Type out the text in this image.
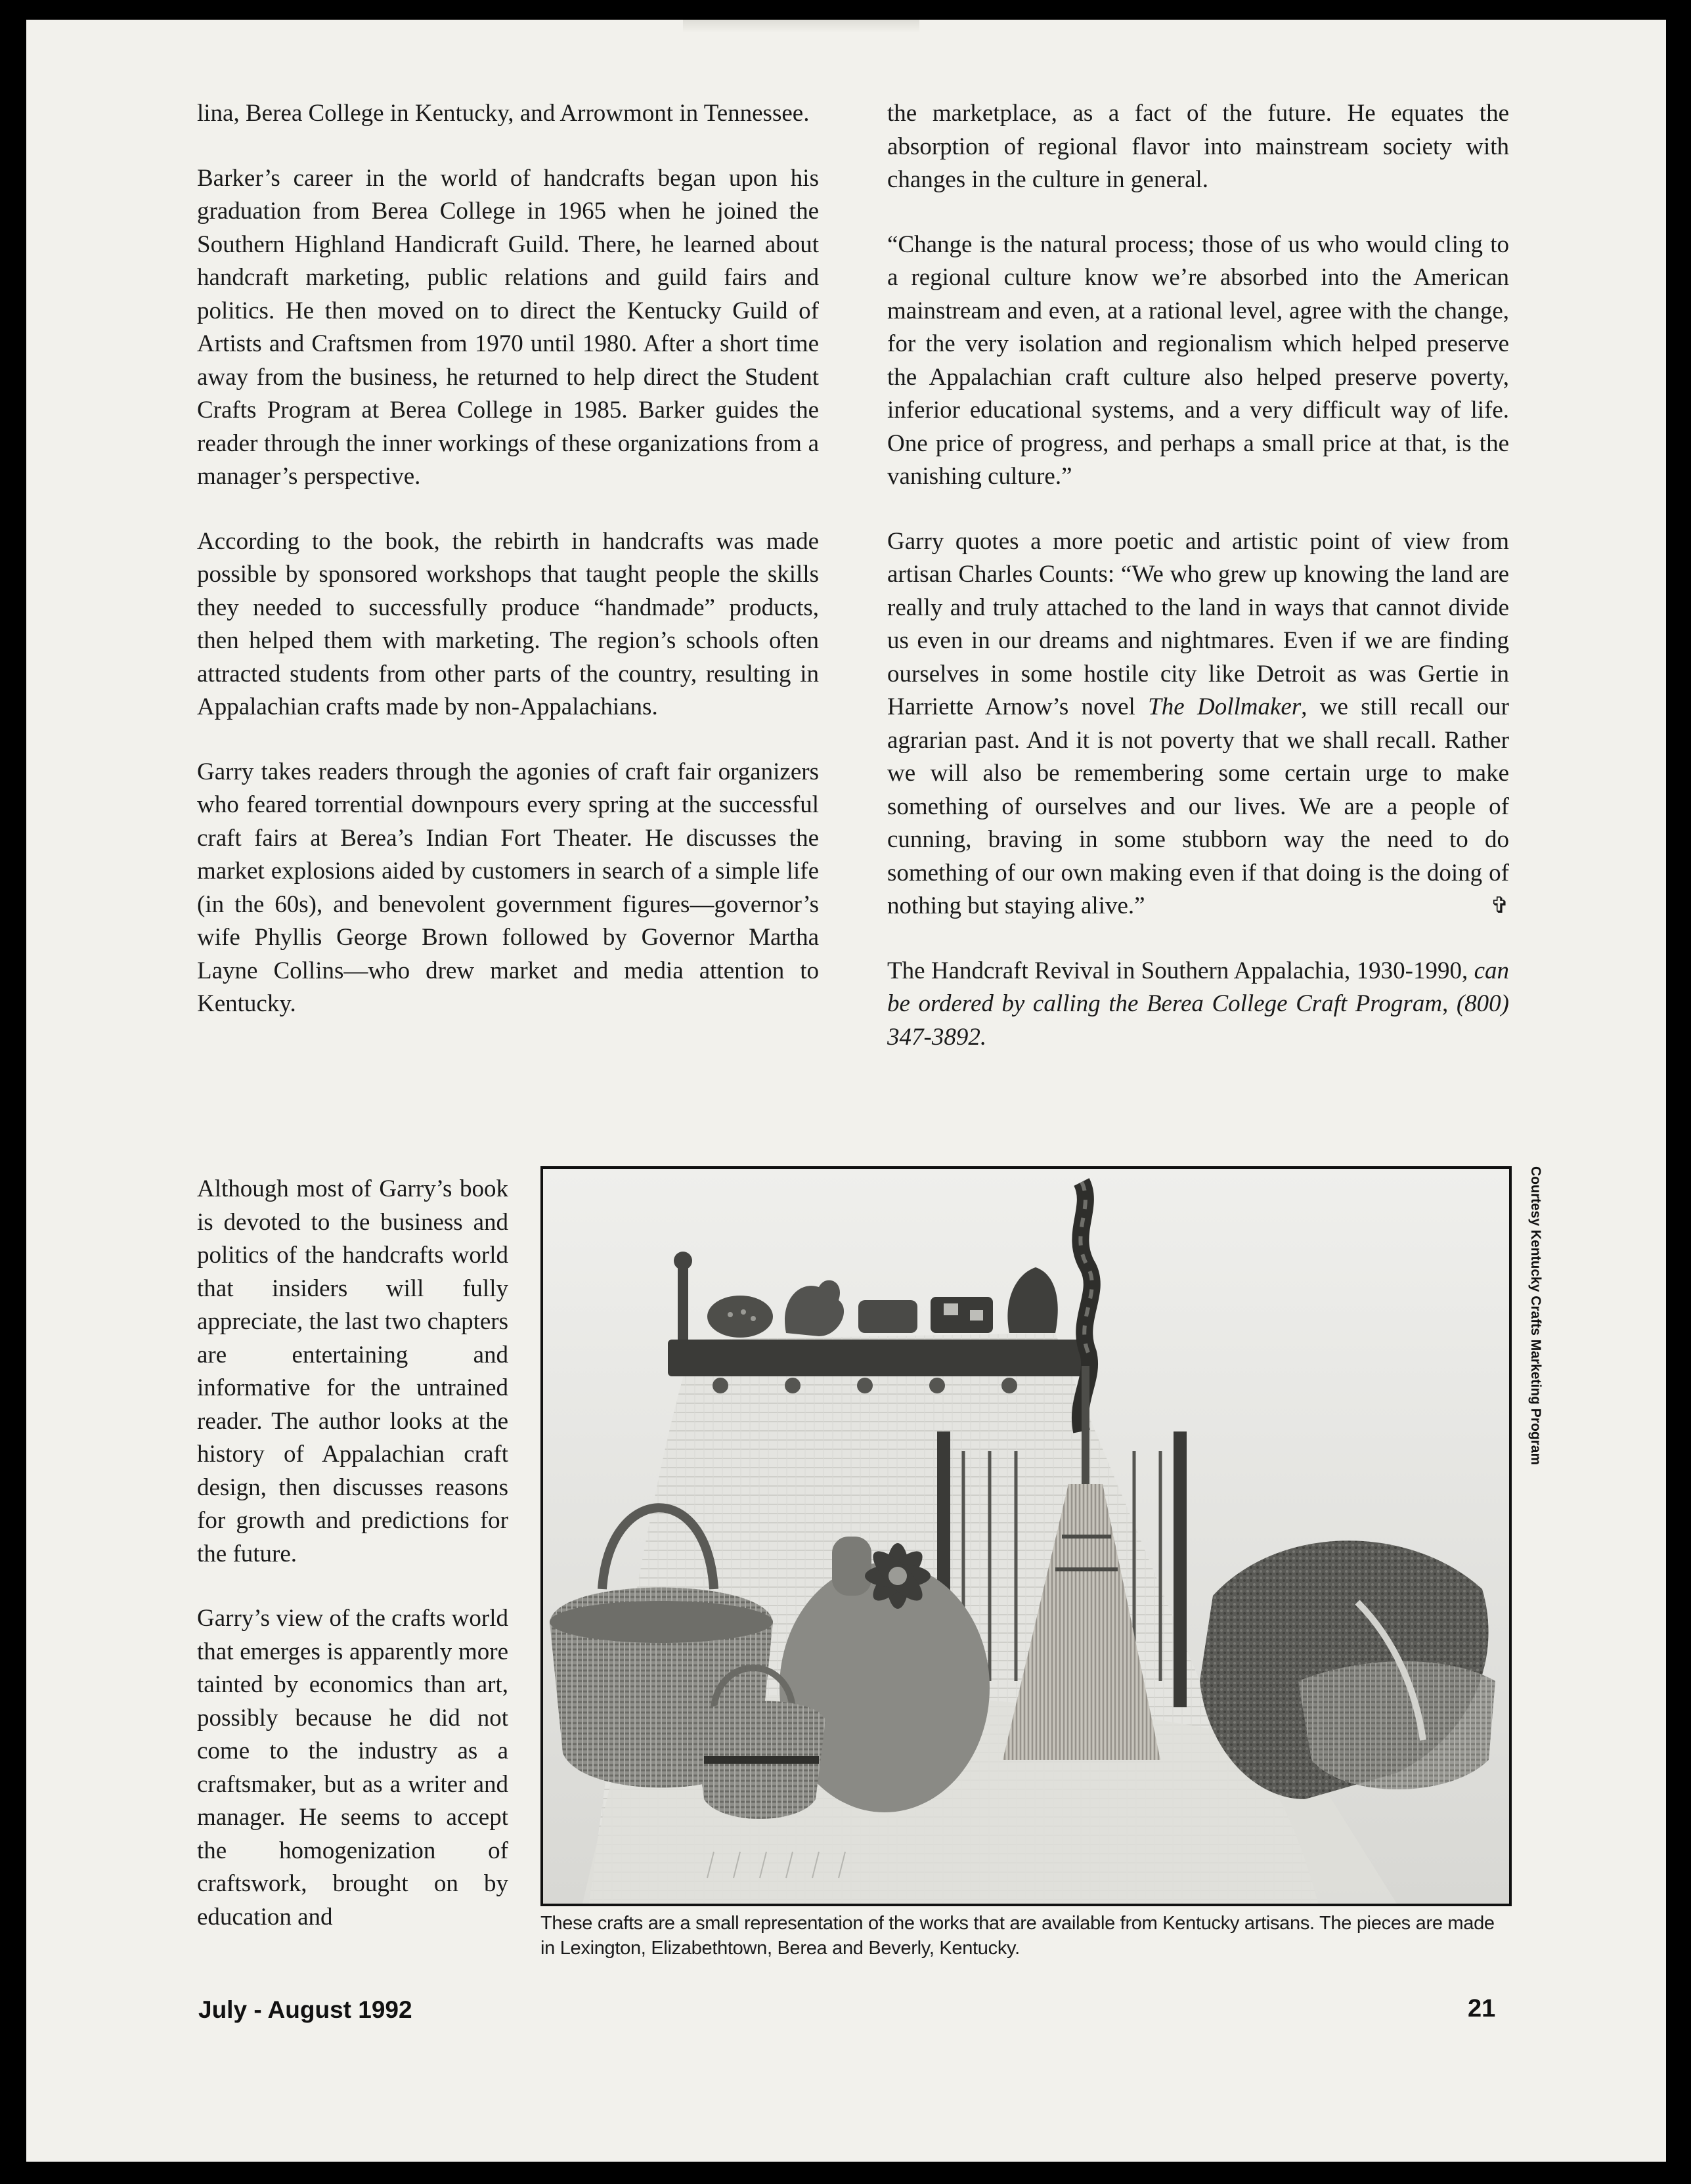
lina, Berea College in Kentucky, and Arrowmont in Tennessee.

Barker’s career in the world of handcrafts began upon his graduation from Berea College in 1965 when he joined the Southern Highland Handicraft Guild. There, he learned about handcraft marketing, public relations and guild fairs and politics. He then moved on to direct the Kentucky Guild of Artists and Craftsmen from 1970 until 1980. After a short time away from the business, he returned to help direct the Student Crafts Program at Berea College in 1985. Barker guides the reader through the inner workings of these organizations from a manager’s perspective.

According to the book, the rebirth in handcrafts was made possible by sponsored workshops that taught people the skills they needed to successfully produce “handmade” products, then helped them with marketing. The region’s schools often attracted students from other parts of the country, resulting in Appalachian crafts made by non-Appalachians.

Garry takes readers through the agonies of craft fair organizers who feared torrential downpours every spring at the successful craft fairs at Berea’s Indian Fort Theater. He discusses the market explosions aided by customers in search of a simple life (in the 60s), and benevolent government figures—governor’s wife Phyllis George Brown followed by Governor Martha Layne Collins—who drew market and media attention to Kentucky.

the marketplace, as a fact of the future. He equates the absorption of regional flavor into mainstream society with changes in the culture in general.

“Change is the natural process; those of us who would cling to a regional culture know we’re absorbed into the American mainstream and even, at a rational level, agree with the change, for the very isolation and regionalism which helped preserve the Appalachian craft culture also helped preserve poverty, inferior educational systems, and a very difficult way of life. One price of progress, and perhaps a small price at that, is the vanishing culture.”

Garry quotes a more poetic and artistic point of view from artisan Charles Counts: “We who grew up knowing the land are really and truly attached to the land in ways that cannot divide us even in our dreams and nightmares. Even if we are finding ourselves in some hostile city like Detroit as was Gertie in Harriette Arnow’s novel The Dollmaker, we still recall our agrarian past. And it is not poverty that we shall recall. Rather we will also be remembering some certain urge to make something of ourselves and our lives. We are a people of cunning, braving in some stubborn way the need to do something of our own making even if that doing is the doing of nothing but staying alive.”	✞

The Handcraft Revival in Southern Appalachia, 1930-1990, can be ordered by calling the Berea College Craft Program, (800) 347-3892.

Although most of Garry’s book is devoted to the business and politics of the handcrafts world that insiders will fully appreciate, the last two chapters are entertaining and informative for the untrained reader. The author looks at the history of Appalachian craft design, then discusses reasons for growth and predictions for the future.

Garry’s view of the crafts world that emerges is apparently more tainted by economics than art, possibly because he did not come to the industry as a craftsmaker, but as a writer and manager. He seems to accept the homogenization of craftswork, brought on by education and

Courtesy Kentucky Crafts Marketing Program
These crafts are a small representation of the works that are available from Kentucky artisans. The pieces are made in Lexington, Elizabethtown, Berea and Beverly, Kentucky.
July - August 1992	21
